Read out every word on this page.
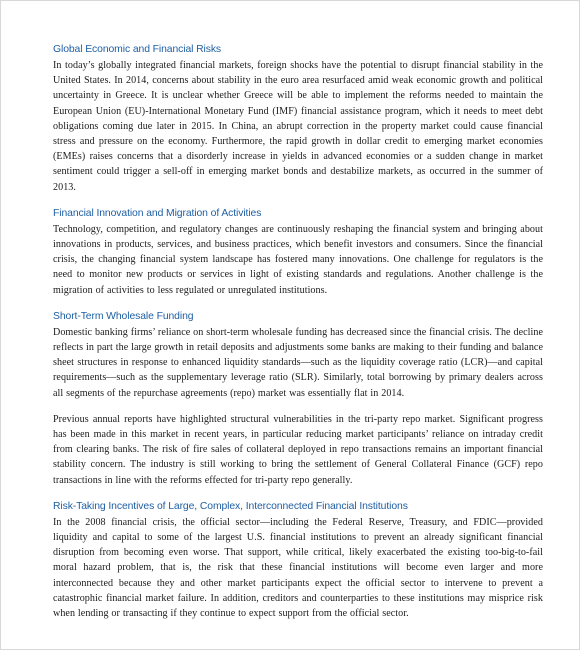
Global Economic and Financial Risks

In today’s globally integrated financial markets, foreign shocks have the potential to disrupt financial stability in the United States. In 2014, concerns about stability in the euro area resurfaced amid weak economic growth and political uncertainty in Greece. It is unclear whether Greece will be able to implement the reforms needed to maintain the European Union (EU)-International Monetary Fund (IMF) financial assistance program, which it needs to meet debt obligations coming due later in 2015. In China, an abrupt correction in the property market could cause financial stress and pressure on the economy. Furthermore, the rapid growth in dollar credit to emerging market economies (EMEs) raises concerns that a disorderly increase in yields in advanced economies or a sudden change in market sentiment could trigger a sell-off in emerging market bonds and destabilize markets, as occurred in the summer of 2013.

Financial Innovation and Migration of Activities

Technology, competition, and regulatory changes are continuously reshaping the financial system and bringing about innovations in products, services, and business practices, which benefit investors and consumers. Since the financial crisis, the changing financial system landscape has fostered many innovations. One challenge for regulators is the need to monitor new products or services in light of existing standards and regulations. Another challenge is the migration of activities to less regulated or unregulated institutions.

Short-Term Wholesale Funding

Domestic banking firms’ reliance on short-term wholesale funding has decreased since the financial crisis. The decline reflects in part the large growth in retail deposits and adjustments some banks are making to their funding and balance sheet structures in response to enhanced liquidity standards—such as the liquidity coverage ratio (LCR)—and capital requirements—such as the supplementary leverage ratio (SLR). Similarly, total borrowing by primary dealers across all segments of the repurchase agreements (repo) market was essentially flat in 2014.

Previous annual reports have highlighted structural vulnerabilities in the tri-party repo market. Significant progress has been made in this market in recent years, in particular reducing market participants’ reliance on intraday credit from clearing banks. The risk of fire sales of collateral deployed in repo transactions remains an important financial stability concern. The industry is still working to bring the settlement of General Collateral Finance (GCF) repo transactions in line with the reforms effected for tri-party repo generally.

Risk-Taking Incentives of Large, Complex, Interconnected Financial Institutions

In the 2008 financial crisis, the official sector—including the Federal Reserve, Treasury, and FDIC—provided liquidity and capital to some of the largest U.S. financial institutions to prevent an already significant financial disruption from becoming even worse. That support, while critical, likely exacerbated the existing too-big-to-fail moral hazard problem, that is, the risk that these financial institutions will become even larger and more interconnected because they and other market participants expect the official sector to intervene to prevent a catastrophic financial market failure. In addition, creditors and counterparties to these institutions may misprice risk when lending or transacting if they continue to expect support from the official sector.
